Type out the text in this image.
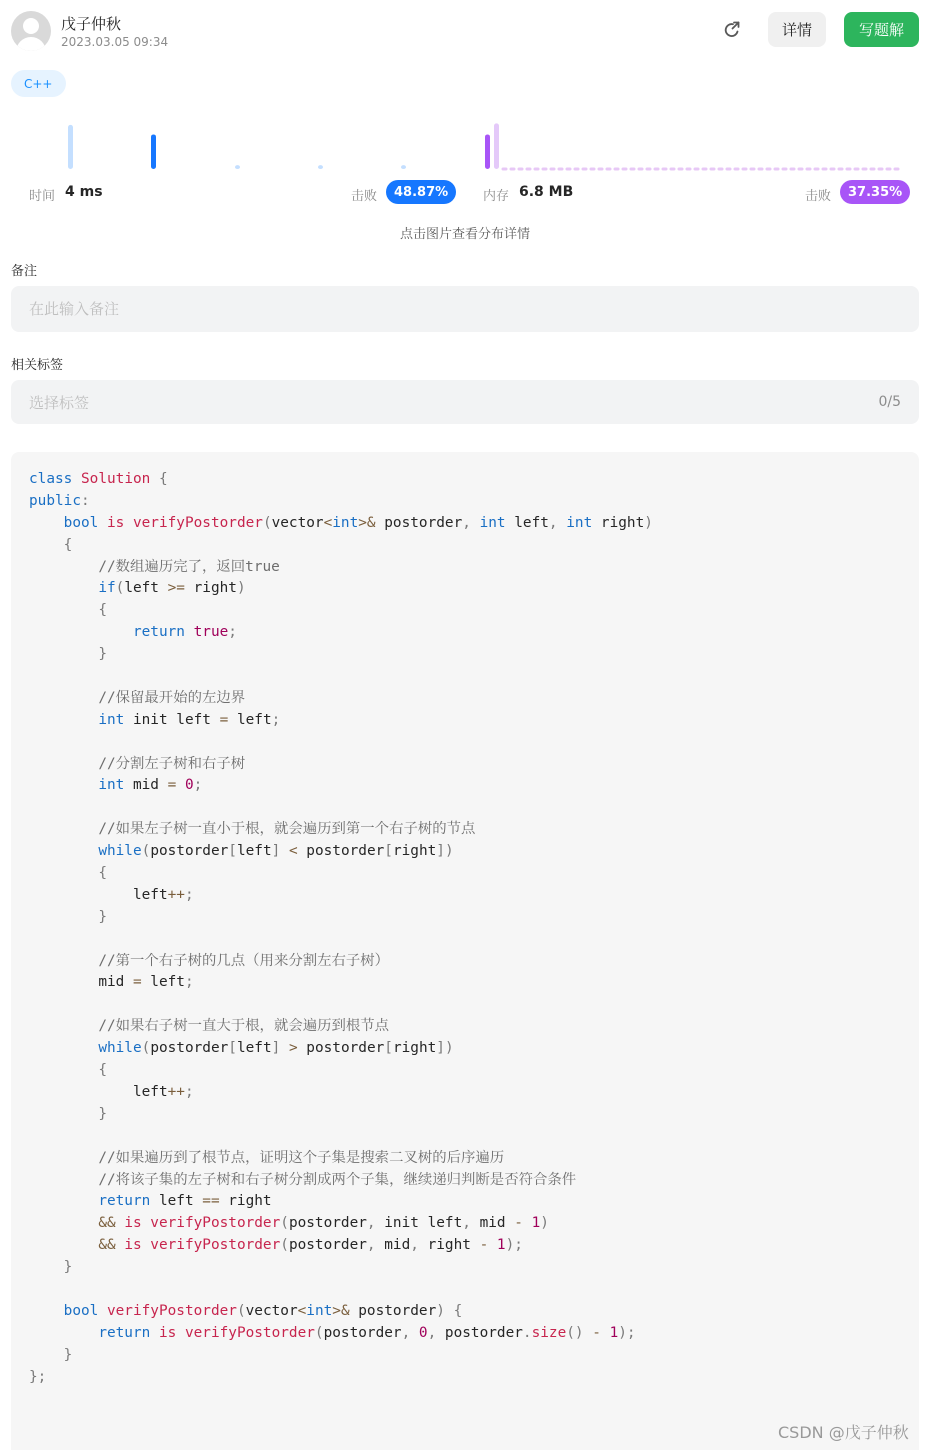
戊子仲秋
2023.03.05 09:34
详情	写题解
C++
时间 4 ms	击败	48.87%	内存 6.8 MB	击败	37.35%
点击图片查看分布详情
备注
在此输入备注
相关标签
选择标签	0/5
class Solution {
public:
bool is verifyPostorder(vector<int>& postorder, int left, int right)
{
//数组遍历完了，返回true
if(left >= right)
{
return true;
}

//保留最开始的左边界
int init left = left;

//分割左子树和右子树
int mid = 0;

//如果左子树一直小于根，就会遍历到第一个右子树的节点
while(postorder[left] < postorder[right])
{
left++;
}

//第一个右子树的几点（用来分割左右子树）
mid = left;

//如果右子树一直大于根，就会遍历到根节点
while(postorder[left] > postorder[right])
{
left++;
}

//如果遍历到了根节点，证明这个子集是搜索二叉树的后序遍历
//将该子集的左子树和右子树分割成两个子集，继续递归判断是否符合条件
return left == right
&& is verifyPostorder(postorder, init left, mid - 1)
&& is verifyPostorder(postorder, mid, right - 1);
}

bool verifyPostorder(vector<int>& postorder) {
return is verifyPostorder(postorder, 0, postorder.size() - 1);
}
};
CSDN @戊子仲秋
